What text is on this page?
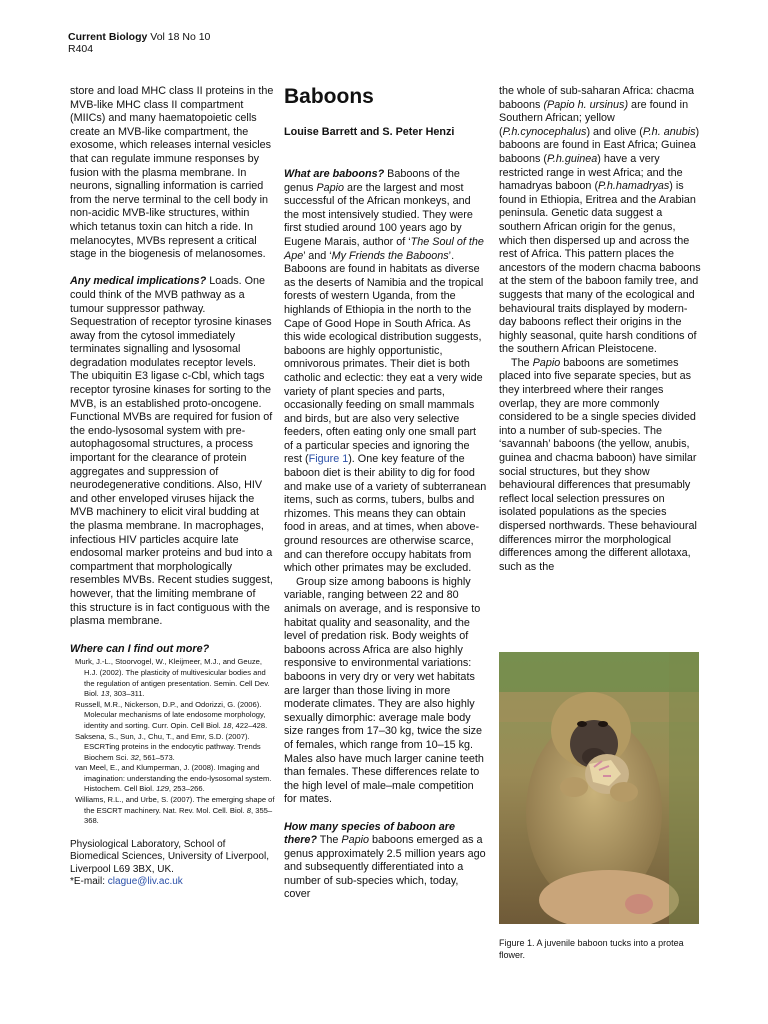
Current Biology Vol 18 No 10
R404

store and load MHC class II proteins in the MVB-like MHC class II compartment (MIICs) and many haematopoietic cells create an MVB-like compartment, the exosome, which releases internal vesicles that can regulate immune responses by fusion with the plasma membrane. In neurons, signalling information is carried from the nerve terminal to the cell body in non-acidic MVB-like structures, within which tetanus toxin can hitch a ride. In melanocytes, MVBs represent a critical stage in the biogenesis of melanosomes.

Any medical implications? Loads. One could think of the MVB pathway as a tumour suppressor pathway. Sequestration of receptor tyrosine kinases away from the cytosol immediately terminates signalling and lysosomal degradation modulates receptor levels. The ubiquitin E3 ligase c-Cbl, which tags receptor tyrosine kinases for sorting to the MVB, is an established proto-oncogene. Functional MVBs are required for fusion of the endo-lysosomal system with pre-autophagosomal structures, a process important for the clearance of protein aggregates and suppression of neurodegenerative conditions. Also, HIV and other enveloped viruses hijack the MVB machinery to elicit viral budding at the plasma membrane. In macrophages, infectious HIV particles acquire late endosomal marker proteins and bud into a compartment that morphologically resembles MVBs. Recent studies suggest, however, that the limiting membrane of this structure is in fact contiguous with the plasma membrane.

Where can I find out more?
Murk, J.-L., Stoorvogel, W., Kleijmeer, M.J., and Geuze, H.J. (2002). The plasticity of multivesicular bodies and the regulation of antigen presentation. Semin. Cell Dev. Biol. 13, 303–311.
Russell, M.R., Nickerson, D.P., and Odorizzi, G. (2006). Molecular mechanisms of late endosome morphology, identity and sorting. Curr. Opin. Cell Biol. 18, 422–428.
Saksena, S., Sun, J., Chu, T., and Emr, S.D. (2007). ESCRTing proteins in the endocytic pathway. Trends Biochem Sci. 32, 561–573.
van Meel, E., and Klumperman, J. (2008). Imaging and imagination: understanding the endo-lysosomal system. Histochem. Cell Biol. 129, 253–266.
Williams, R.L., and Urbe, S. (2007). The emerging shape of the ESCRT machinery. Nat. Rev. Mol. Cell. Biol. 8, 355–368.
Physiological Laboratory, School of
Biomedical Sciences, University of Liverpool,
Liverpool L69 3BX, UK.
*E-mail: clague@liv.ac.uk
Baboons
Louise Barrett and S. Peter Henzi

What are baboons? Baboons of the genus Papio are the largest and most successful of the African monkeys, and the most intensively studied. They were first studied around 100 years ago by Eugene Marais, author of ‘The Soul of the Ape’ and ‘My Friends the Baboons’. Baboons are found in habitats as diverse as the deserts of Namibia and the tropical forests of western Uganda, from the highlands of Ethiopia in the north to the Cape of Good Hope in South Africa. As this wide ecological distribution suggests, baboons are highly opportunistic, omnivorous primates. Their diet is both catholic and eclectic: they eat a very wide variety of plant species and parts, occasionally feeding on small mammals and birds, but are also very selective feeders, often eating only one small part of a particular species and ignoring the rest (Figure 1). One key feature of the baboon diet is their ability to dig for food and make use of a variety of subterranean items, such as corms, tubers, bulbs and rhizomes. This means they can obtain food in areas, and at times, when above-ground resources are otherwise scarce, and can therefore occupy habitats from which other primates may be excluded.

Group size among baboons is highly variable, ranging between 22 and 80 animals on average, and is responsive to habitat quality and seasonality, and the level of predation risk. Body weights of baboons across Africa are also highly responsive to environmental variations: baboons in very dry or very wet habitats are larger than those living in more moderate climates. They are also highly sexually dimorphic: average male body size ranges from 17–30 kg, twice the size of females, which range from 10–15 kg. Males also have much larger canine teeth than females. These differences relate to the high level of male–male competition for mates.

How many species of baboon are there? The Papio baboons emerged as a genus approximately 2.5 million years ago and subsequently differentiated into a number of sub-species which, today, cover

the whole of sub-saharan Africa: chacma baboons (Papio h. ursinus) are found in Southern African; yellow (P.h.cynocephalus) and olive (P.h. anubis) baboons are found in East Africa; Guinea baboons (P.h.guinea) have a very restricted range in west Africa; and the hamadryas baboon (P.h.hamadryas) is found in Ethiopia, Eritrea and the Arabian peninsula. Genetic data suggest a southern African origin for the genus, which then dispersed up and across the rest of Africa. This pattern places the ancestors of the modern chacma baboons at the stem of the baboon family tree, and suggests that many of the ecological and behavioural traits displayed by modern-day baboons reflect their origins in the highly seasonal, quite harsh conditions of the southern African Pleistocene.

The Papio baboons are sometimes placed into five separate species, but as they interbreed where their ranges overlap, they are more commonly considered to be a single species divided into a number of sub-species. The ‘savannah’ baboons (the yellow, anubis, guinea and chacma baboon) have similar social structures, but they show behavioural differences that presumably reflect local selection pressures on isolated populations as the species dispersed northwards. These behavioural differences mirror the morphological differences among the different allotaxa, such as the

Figure 1. A juvenile baboon tucks into a protea flower.
